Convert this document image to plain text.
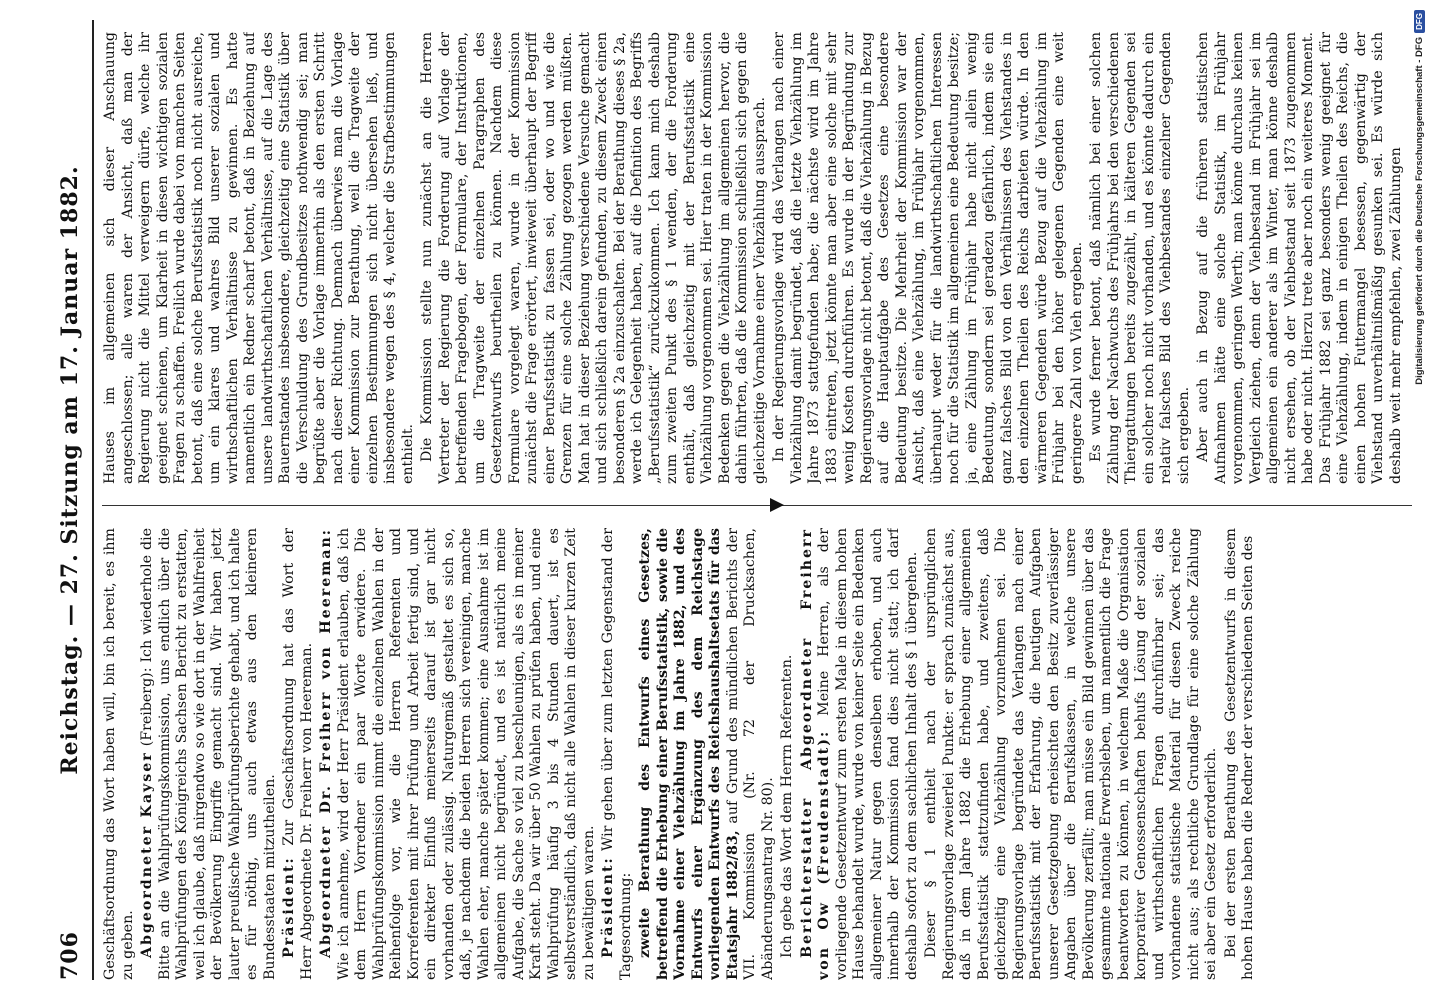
706
Reichstag. — 27. Sitzung am 17. Januar 1882. Geschäftsordnung das Wort haben will, bin ich bereit, es ihm zu geben. Abgeordneter Kayser (Freiberg): Ich wiederhole die Bitte an die Wahlprüfungskommission, uns endlich über die Wahlprüfungen des Königreichs Sachsen Bericht zu erstatten, weil ich glaube, daß nirgendwo so wie dort in der Wahlfreiheit der Bevölkerung Eingriffe gemacht sind. Wir haben jetzt lauter preußische Wahlprüfungsberichte gehabt, und ich halte es für nöthig, uns auch etwas aus den kleineren Bundesstaaten mitzutheilen. Präsident: Zur Geschäftsordnung hat das Wort der Herr Abgeordnete Dr. Freiherr von Heereman. Abgeordneter Dr. Freiherr von Heereman: Wie ich annehme, wird der Herr Präsident erlauben, daß ich dem Herrn Vorredner ein paar Worte erwidere. Die Wahlprüfungskommission nimmt die einzelnen Wahlen in der Reihenfolge vor, wie die Herren Referenten und Korreferenten mit ihrer Prüfung und Arbeit fertig sind, und ein direkter Einfluß meinerseits darauf ist gar nicht vorhanden oder zulässig. Naturgemäß gestaltet es sich so, daß, je nachdem die beiden Herren sich vereinigen, manche Wahlen eher, manche später kommen; eine Ausnahme ist im allgemeinen nicht begründet, und es ist natürlich meine Aufgabe, die Sache so viel zu beschleunigen, als es in meiner Kraft steht. Da wir über 50 Wahlen zu prüfen haben, und eine Wahlprüfung häufig 3 bis 4 Stunden dauert, ist es selbstverständlich, daß nicht alle Wahlen in dieser kurzen Zeit zu bewältigen waren. Präsident: Wir gehen über zum letzten Gegenstand der Tagesordnung: zweite Berathung des Entwurfs eines Gesetzes, betreffend die Erhebung einer Berufsstatistik, sowie die Vornahme einer Viehzählung im Jahre 1882, und des Entwurfs einer Ergänzung des dem Reichstage vorliegenden Entwurfs des Reichshaushaltsetats für das Etatsjahr 1882/83, auf Grund des mündlichen Berichts der VII. Kommission (Nr. 72 der Drucksachen, Abänderungsantrag Nr. 80). Ich gebe das Wort dem Herrn Referenten. Berichterstatter Abgeordneter Freiherr von Ow (Freudenstadt): Meine Herren, als der vorliegende Gesetzentwurf zum ersten Male in diesem hohen Hause behandelt wurde, wurde von keiner Seite ein Bedenken allgemeiner Natur gegen denselben erhoben, und auch innerhalb der Kommission fand dies nicht statt; ich darf deshalb sofort zu dem sachlichen Inhalt des § 1 übergehen. Dieser § 1 enthielt nach der ursprünglichen Regierungsvorlage zweierlei Punkte: er sprach zunächst aus, daß in dem Jahre 1882 die Erhebung einer allgemeinen Berufsstatistik stattzufinden habe, und zweitens, daß gleichzeitig eine Viehzählung vorzunehmen sei. Die Regierungsvorlage begründete das Verlangen nach einer Berufsstatistik mit der Erfahrung, die heutigen Aufgaben unserer Gesetzgebung erheischten den Besitz zuverlässiger Angaben über die Berufsklassen, in welche unsere Bevölkerung zerfällt; man müsse ein Bild gewinnen über das gesammte nationale Erwerbsleben, um namentlich die Frage beantworten zu können, in welchem Maße die Organisation korporativer Genossenschaften behufs Lösung der sozialen und wirthschaftlichen Fragen durchführbar sei; das vorhandene statistische Material für diesen Zweck reiche nicht aus; als rechtliche Grundlage für eine solche Zählung sei aber ein Gesetz erforderlich. Bei der ersten Berathung des Gesetzentwurfs in diesem hohen Hause haben die Redner der verschiedenen Seiten des

Hauses im allgemeinen sich dieser Anschauung angeschlossen; alle waren der Ansicht, daß man der Regierung nicht die Mittel verweigern dürfe, welche ihr geeignet schienen, um Klarheit in diesen wichtigen sozialen Fragen zu schaffen. Freilich wurde dabei von manchen Seiten betont, daß eine solche Berufsstatistik noch nicht ausreiche, um ein klares und wahres Bild unserer sozialen und wirthschaftlichen Verhältnisse zu gewinnen. Es hatte namentlich ein Redner scharf betont, daß in Beziehung auf unsere landwirthschaftlichen Verhältnisse, auf die Lage des Bauernstandes insbesondere, gleichzeitig eine Statistik über die Verschuldung des Grundbesitzes nothwendig sei; man begrüßte aber die Vorlage immerhin als den ersten Schritt nach dieser Richtung. Demnach überwies man die Vorlage einer Kommission zur Berathung, weil die Tragweite der einzelnen Bestimmungen sich nicht übersehen ließ, und insbesondere wegen des § 4, welcher die Strafbestimmungen enthielt. Die Kommission stellte nun zunächst an die Herren Vertreter der Regierung die Forderung auf Vorlage der betreffenden Fragebogen, der Formulare, der Instruktionen, um die Tragweite der einzelnen Paragraphen des Gesetzentwurfs beurtheilen zu können. Nachdem diese Formulare vorgelegt waren, wurde in der Kommission zunächst die Frage erörtert, inwieweit überhaupt der Begriff einer Berufsstatistik zu fassen sei, oder wo und wie die Grenzen für eine solche Zählung gezogen werden müßten. Man hat in dieser Beziehung verschiedene Versuche gemacht und sich schließlich darein gefunden, zu diesem Zweck einen besonderen § 2a einzuschalten. Bei der Berathung dieses § 2a, werde ich Gelegenheit haben, auf die Definition des Begriffs „Berufsstatistik“ zurückzukommen. Ich kann mich deshalb zum zweiten Punkt des § 1 wenden, der die Forderung enthält, daß gleichzeitig mit der Berufsstatistik eine Viehzählung vorgenommen sei. Hier traten in der Kommission Bedenken gegen die Viehzählung im allgemeinen hervor, die dahin führten, daß die Kommission schließlich sich gegen die gleichzeitige Vornahme einer Viehzählung aussprach. In der Regierungsvorlage wird das Verlangen nach einer Viehzählung damit begründet, daß die letzte Viehzählung im Jahre 1873 stattgefunden habe; die nächste wird im Jahre 1883 eintreten, jetzt könnte man aber eine solche mit sehr wenig Kosten durchführen. Es wurde in der Begründung zur Regierungsvorlage nicht betont, daß die Viehzählung in Bezug auf die Hauptaufgabe des Gesetzes eine besondere Bedeutung besitze. Die Mehrheit der Kommission war der Ansicht, daß eine Viehzählung, im Frühjahr vorgenommen, überhaupt weder für die landwirthschaftlichen Interessen noch für die Statistik im allgemeinen eine Bedeutung besitze; ja, eine Zählung im Frühjahr habe nicht allein wenig Bedeutung, sondern sei geradezu gefährlich, indem sie ein ganz falsches Bild von den Verhältnissen des Viehstandes in den einzelnen Theilen des Reichs darbieten würde. In den wärmeren Gegenden würde Bezug auf die Viehzählung im Frühjahr bei den höher gelegenen Gegenden eine weit geringere Zahl von Vieh ergeben. Es wurde ferner betont, daß nämlich bei einer solchen Zählung der Nachwuchs des Frühjahrs bei den verschiedenen Thiergattungen bereits zugezählt, in kälteren Gegenden sei ein solcher noch nicht vorhanden, und es könnte dadurch ein relativ falsches Bild des Viehbestandes einzelner Gegenden sich ergeben. Aber auch in Bezug auf die früheren statistischen Aufnahmen hätte eine solche Statistik, im Frühjahr vorgenommen, geringen Werth; man könne durchaus keinen Vergleich ziehen, denn der Viehbestand im Frühjahr sei im allgemeinen ein anderer als im Winter, man könne deshalb nicht ersehen, ob der Viehbestand seit 1873 zugenommen habe oder nicht. Hierzu trete aber noch ein weiteres Moment. Das Frühjahr 1882 sei ganz besonders wenig geeignet für eine Viehzählung, indem in einigen Theilen des Reichs, die einen hohen Futtermangel besessen, gegenwärtig der Viehstand unverhältnißmäßig gesunken sei. Es würde sich deshalb weit mehr empfehlen, zwei Zählungen Digitalisierung gefördert durch die Deutsche Forschungsgemeinschaft - DFG
DFG
